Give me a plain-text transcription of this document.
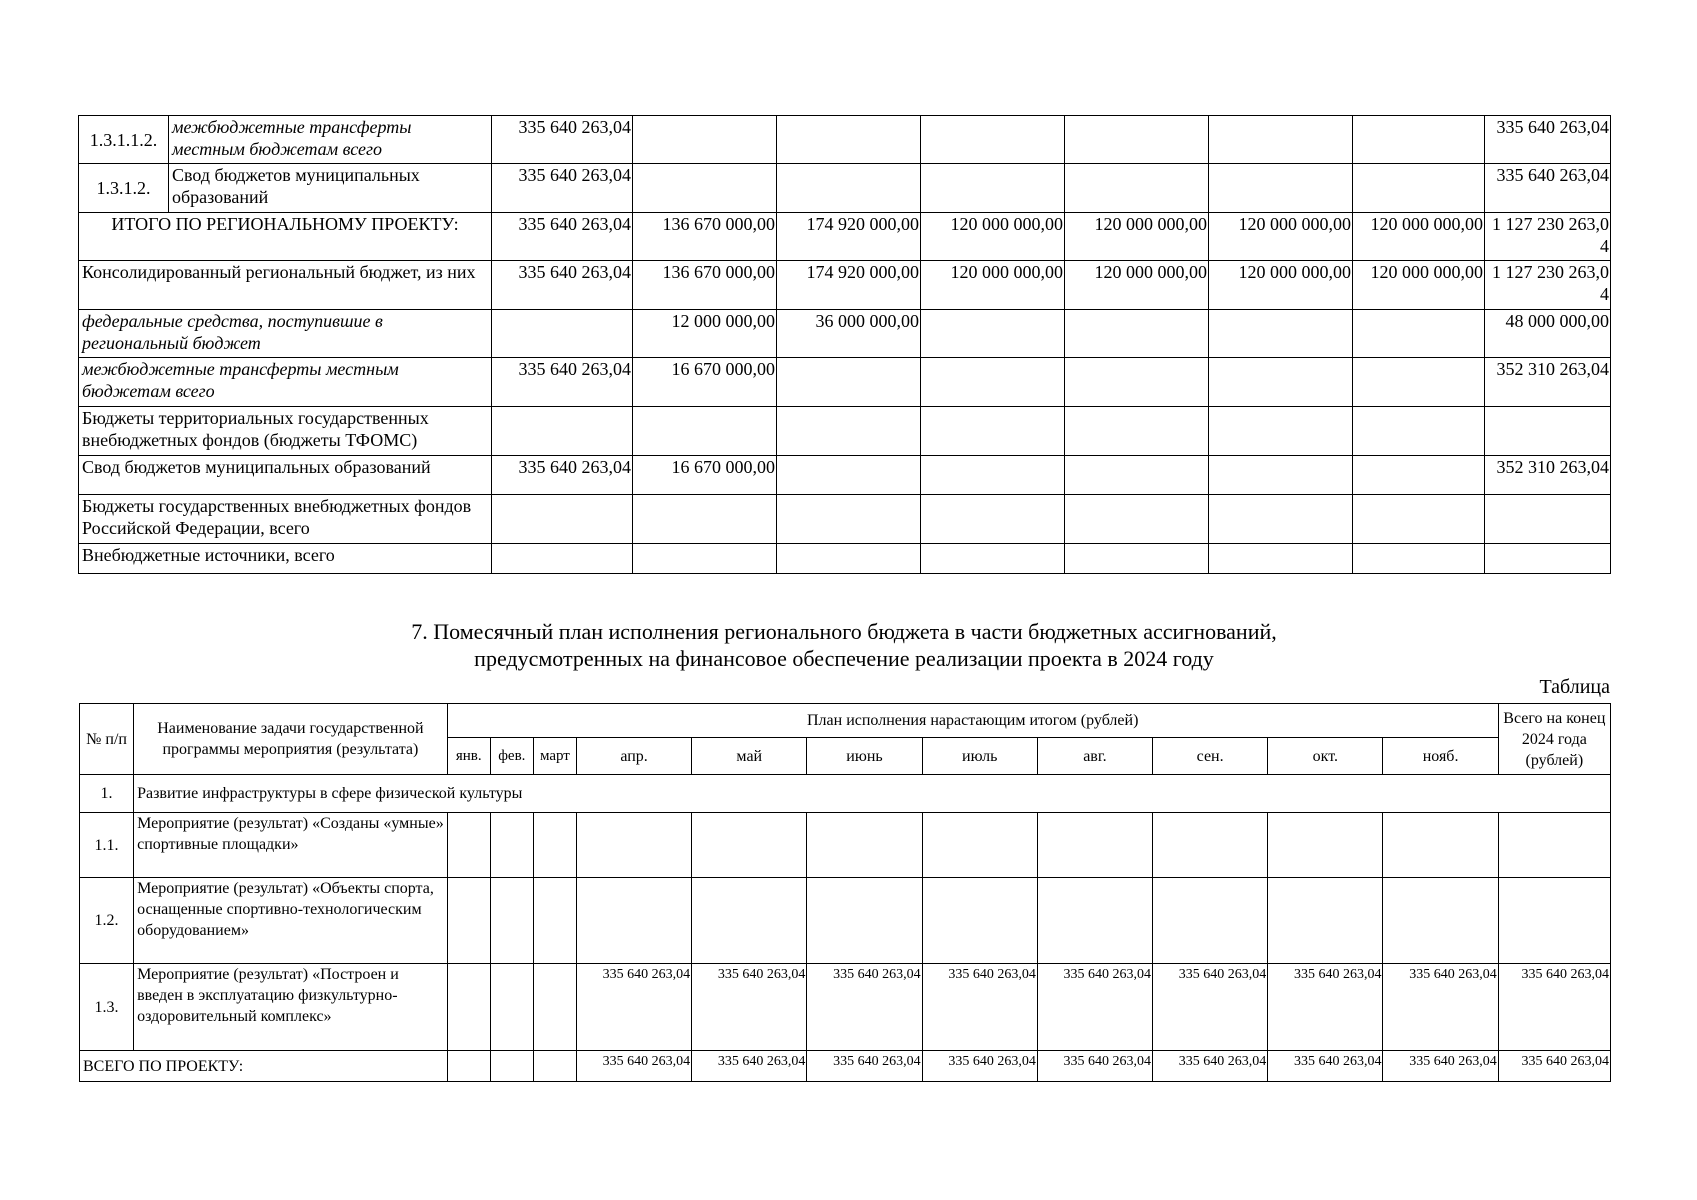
1.3.1.1.2.	межбюджетные трансферты местным бюджетам всего	335 640 263,04							335 640 263,04
1.3.1.2.	Свод бюджетов муниципальных образований	335 640 263,04							335 640 263,04
ИТОГО ПО РЕГИОНАЛЬНОМУ ПРОЕКТУ:		335 640 263,04	136 670 000,00	174 920 000,00	120 000 000,00	120 000 000,00	120 000 000,00	120 000 000,00	1 127 230 263,04
Консолидированный региональный бюджет, из них		335 640 263,04	136 670 000,00	174 920 000,00	120 000 000,00	120 000 000,00	120 000 000,00	120 000 000,00	1 127 230 263,04
федеральные средства, поступившие в региональный бюджет			12 000 000,00	36 000 000,00					48 000 000,00
межбюджетные трансферты местным бюджетам всего		335 640 263,04	16 670 000,00						352 310 263,04
Бюджеты территориальных государственных внебюджетных фондов (бюджеты ТФОМС)									
Свод бюджетов муниципальных образований		335 640 263,04	16 670 000,00						352 310 263,04
Бюджеты государственных внебюджетных фондов Российской Федерации, всего									
Внебюджетные источники, всего									
7. Помесячный план исполнения регионального бюджета в части бюджетных ассигнований,
предусмотренных на финансовое обеспечение реализации проекта в 2024 году
Таблица
№ п/п	Наименование задачи государственной программы мероприятия (результата)	План исполнения нарастающим итогом (рублей)											Всего на конец 2024 года (рублей)
		янв.	фев.	март	апр.	май	июнь	июль	авг.	сен.	окт.	нояб.	
1.	Развитие инфраструктуры в сфере физической культуры												
1.1.	Мероприятие (результат) «Созданы «умные» спортивные площадки»												
1.2.	Мероприятие (результат) «Объекты спорта, оснащенные спортивно-технологическим оборудованием»												
1.3.	Мероприятие (результат) «Построен и введен в эксплуатацию физкультурно-оздоровительный комплекс»				335 640 263,04	335 640 263,04	335 640 263,04	335 640 263,04	335 640 263,04	335 640 263,04	335 640 263,04	335 640 263,04	335 640 263,04
ВСЕГО ПО ПРОЕКТУ:					335 640 263,04	335 640 263,04	335 640 263,04	335 640 263,04	335 640 263,04	335 640 263,04	335 640 263,04	335 640 263,04	335 640 263,04
